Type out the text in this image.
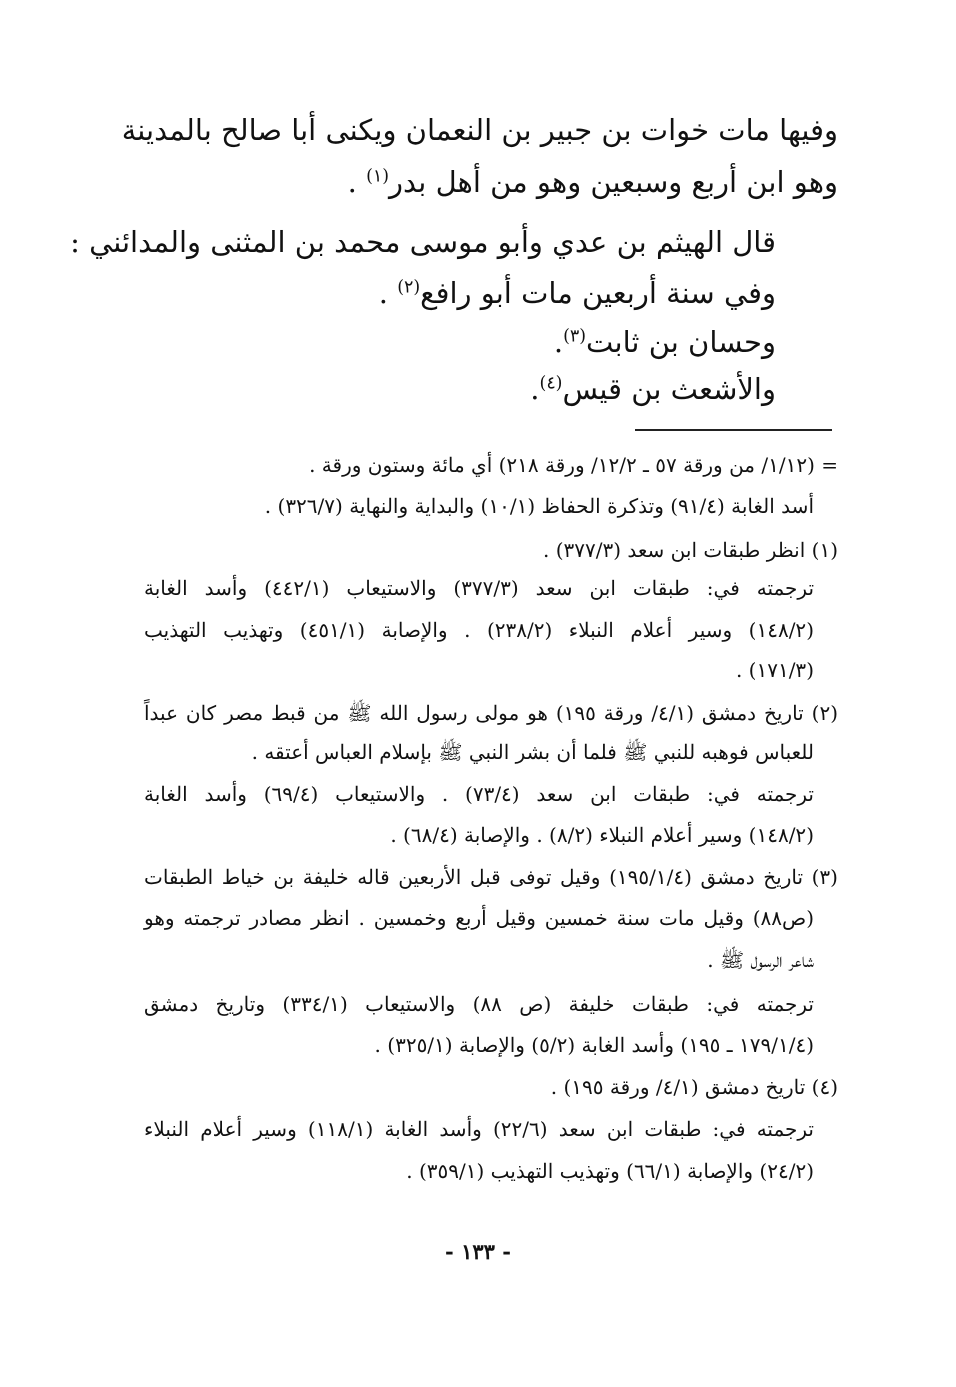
وفيها مات خوات بن جبير بن النعمان ويكنى أبا صالح بالمدينة
وهو ابن أربع وسبعين وهو من أهل بدر$^{(١)}$ .
قال الهيثم بن عدي وأبو موسى محمد بن المثنى والمدائني :
وفي سنة أربعين مات أبو رافع$^{(٢)}$ .
وحسان بن ثابت$^{(٣)}$.
والأشعث بن قيس$^{(٤)}$.
= (١/١٢/ من ورقة ٥٧ ـ ١٢/٢/ ورقة ٢١٨) أي مائة وستون ورقة .
أسد الغابة (٩١/٤) وتذكرة الحفاظ (١٠/١) والبداية والنهاية (٣٢٦/٧) .
(١) انظر طبقات ابن سعد (٣٧٧/٣) .
ترجمته في: طبقات ابن سعد (٣٧٧/٣) والاستيعاب (٤٤٢/١) وأسد الغابة
(١٤٨/٢) وسير أعلام النبلاء (٢٣٨/٢) . والإصابة (٤٥١/١) وتهذيب التهذيب
(١٧١/٣) .
(٢) تاريخ دمشق (٤/١/ ورقة ١٩٥) هو مولى رسول الله ﷺ من قبط مصر كان عبداً
للعباس فوهبه للنبي ﷺ فلما أن بشر النبي ﷺ بإسلام العباس أعتقه .
ترجمته في: طبقات ابن سعد (٧٣/٤) . والاستيعاب (٦٩/٤) وأسد الغابة
(١٤٨/٢) وسير أعلام النبلاء (٨/٢) . والإصابة (٦٨/٤) .
(٣) تاريخ دمشق (١٩٥/١/٤) وقيل توفى قبل الأربعين قاله خليفة بن خياط الطبقات
(ص٨٨) وقيل مات سنة خمسين وقيل أربع وخمسين . انظر مصادر ترجمته وهو
شاعر الرسول ﷺ .
ترجمته في: طبقات خليفة (ص ٨٨) والاستيعاب (٣٣٤/١) وتاريخ دمشق
(١٧٩/١/٤ ـ ١٩٥) وأسد الغابة (٥/٢) والإصابة (٣٢٥/١) .
(٤) تاريخ دمشق (٤/١/ ورقة ١٩٥) .
ترجمته في: طبقات ابن سعد (٢٢/٦) وأسد الغابة (١١٨/١) وسير أعلام النبلاء
(٢٤/٢) والإصابة (٦٦/١) وتهذيب التهذيب (٣٥٩/١) .
- ١٣٣ -
